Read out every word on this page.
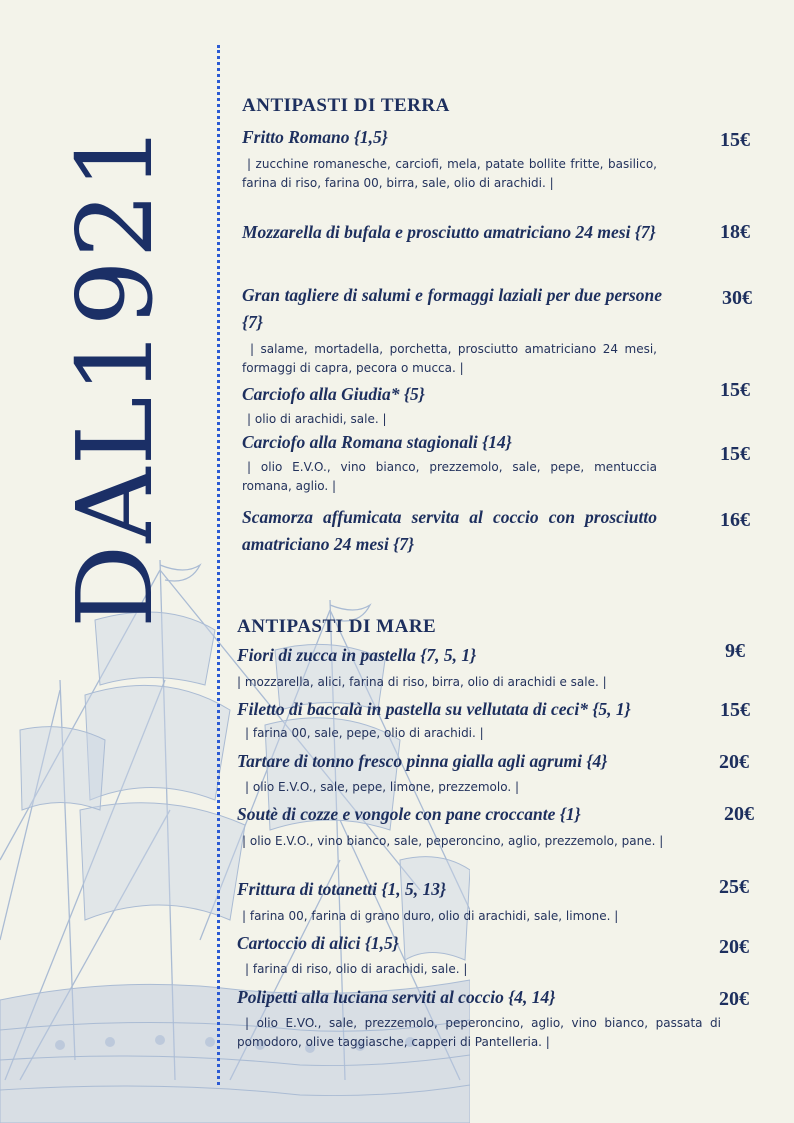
DAL1921
ANTIPASTI DI TERRA
Fritto Romano {1,5}	15€
| zucchine romanesche, carciofi, mela, patate bollite fritte, basilico, farina di riso, farina 00, birra, sale, olio di arachidi. |
Mozzarella di bufala e prosciutto amatriciano 24 mesi {7}	18€
Gran tagliere di salumi e formaggi laziali per due persone {7}
30€
| salame, mortadella, porchetta, prosciutto amatriciano 24 mesi, formaggi di capra, pecora o mucca. |
Carciofo alla Giudia* {5}	15€
| olio di arachidi, sale. |
Carciofo alla Romana stagionali {14}
15€
| olio E.V.O., vino bianco, prezzemolo, sale, pepe, mentuccia romana, aglio. |
Scamorza affumicata servita al coccio con prosciutto amatriciano 24 mesi {7}
16€
ANTIPASTI DI MARE
Fiori di zucca in pastella {7, 5, 1}	9€
| mozzarella, alici, farina di riso, birra, olio di arachidi e sale. |
Filetto di baccalà in pastella su vellutata di ceci* {5, 1}	15€
| farina 00, sale, pepe, olio di arachidi. |
Tartare di tonno fresco pinna gialla agli agrumi {4}	20€
| olio E.V.O., sale, pepe, limone, prezzemolo. |
Soutè di cozze e vongole con pane croccante {1}	20€
| olio E.V.O., vino bianco, sale, peperoncino, aglio, prezzemolo, pane. |
Frittura di totanetti {1, 5, 13}	25€
| farina 00, farina di grano duro, olio di arachidi, sale, limone. |
Cartoccio di alici {1,5}	20€
| farina di riso, olio di arachidi, sale. |
Polipetti alla luciana serviti al coccio {4, 14}	20€
| olio E.VO., sale, prezzemolo, peperoncino, aglio, vino bianco, passata di pomodoro, olive taggiasche, capperi di Pantelleria. |
